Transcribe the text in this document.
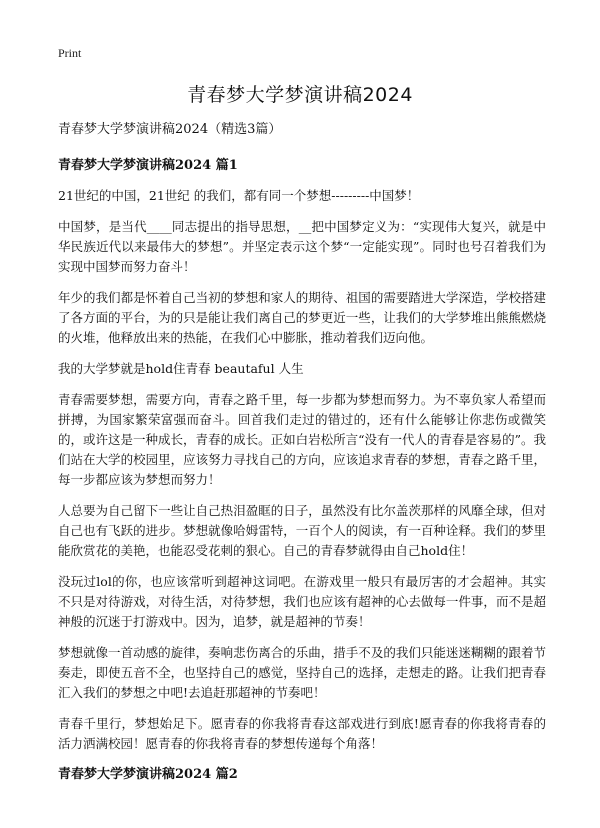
Print
青春梦大学梦演讲稿2024

青春梦大学梦演讲稿2024（精选3篇）

青春梦大学梦演讲稿2024 篇1

21世纪的中国，21世纪 的我们，都有同一个梦想---------中国梦！

中国梦，是当代____同志提出的指导思想，__把中国梦定义为：“实现伟大复兴，就是中华民族近代以来最伟大的梦想”。并坚定表示这个梦“一定能实现”。同时也号召着我们为实现中国梦而努力奋斗！

年少的我们都是怀着自己当初的梦想和家人的期待、祖国的需要踏进大学深造，学校搭建了各方面的平台，为的只是能让我们离自己的梦更近一些，让我们的大学梦堆出熊熊燃烧的火堆，他释放出来的热能，在我们心中膨胀，推动着我们迈向他。

我的大学梦就是hold住青春 beautaful 人生

青春需要梦想，需要方向，青春之路千里，每一步都为梦想而努力。为不辜负家人希望而拼搏，为国家繁荣富强而奋斗。回首我们走过的错过的，还有什么能够让你悲伤或微笑的，或许这是一种成长，青春的成长。正如白岩松所言“没有一代人的青春是容易的”。我们站在大学的校园里，应该努力寻找自己的方向，应该追求青春的梦想，青春之路千里，每一步都应该为梦想而努力！

人总要为自己留下一些让自己热泪盈眶的日子，虽然没有比尔盖茨那样的风靡全球，但对自己也有飞跃的进步。梦想就像哈姆雷特，一百个人的阅读，有一百种诠释。我们的梦里能欣赏花的美艳，也能忍受花刺的狠心。自己的青春梦就得由自己hold住！

没玩过lol的你，也应该常听到超神这词吧。在游戏里一般只有最厉害的才会超神。其实不只是对待游戏，对待生活，对待梦想，我们也应该有超神的心去做每一件事，而不是超神般的沉迷于打游戏中。因为，追梦，就是超神的节奏！

梦想就像一首动感的旋律，奏响悲伤离合的乐曲，措手不及的我们只能迷迷糊糊的跟着节奏走，即使五音不全，也坚持自己的感觉，坚持自己的选择，走想走的路。让我们把青春汇入我们的梦想之中吧!去追赶那超神的节奏吧！

青春千里行，梦想始足下。愿青春的你我将青春这部戏进行到底!愿青春的你我将青春的活力洒满校园！愿青春的你我将青春的梦想传递每个角落！

青春梦大学梦演讲稿2024 篇2
